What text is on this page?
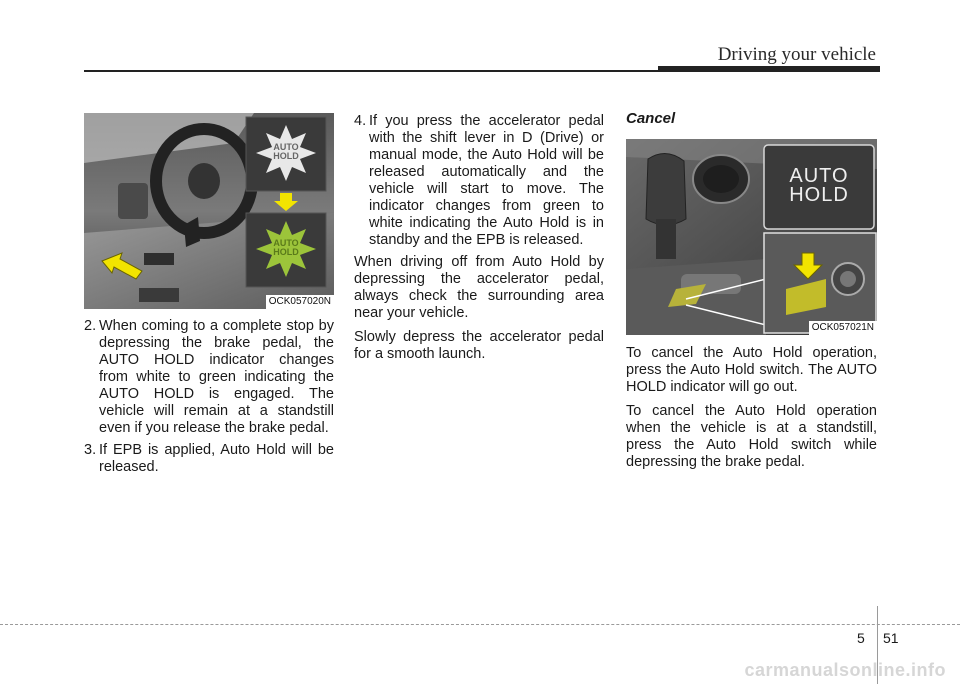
Driving your vehicle
AUTO HOLD
AUTO HOLD
OCK057020N
2. When coming to a complete stop by depressing the brake pedal, the AUTO HOLD indicator changes from white to green indicating the AUTO HOLD is engaged. The vehicle will remain at a standstill even if you release the brake pedal.
3. If EPB is applied, Auto Hold will be released.
4. If you press the accelerator pedal with the shift lever in D (Drive) or manual mode, the Auto Hold will be released automatically and the vehicle will start to move. The indicator changes from green to white indicating the Auto Hold is in standby and the EPB is released.

When driving off from Auto Hold by depressing the accelerator pedal, always check the surrounding area near your vehicle.

Slowly depress the accelerator pedal for a smooth launch.

Cancel
AUTO HOLD
OCK057021N

To cancel the Auto Hold operation, press the Auto Hold switch. The AUTO HOLD indicator will go out.

To cancel the Auto Hold operation when the vehicle is at a standstill, press the Auto Hold switch while depressing the brake pedal.

5 51
carmanualsonline.info
